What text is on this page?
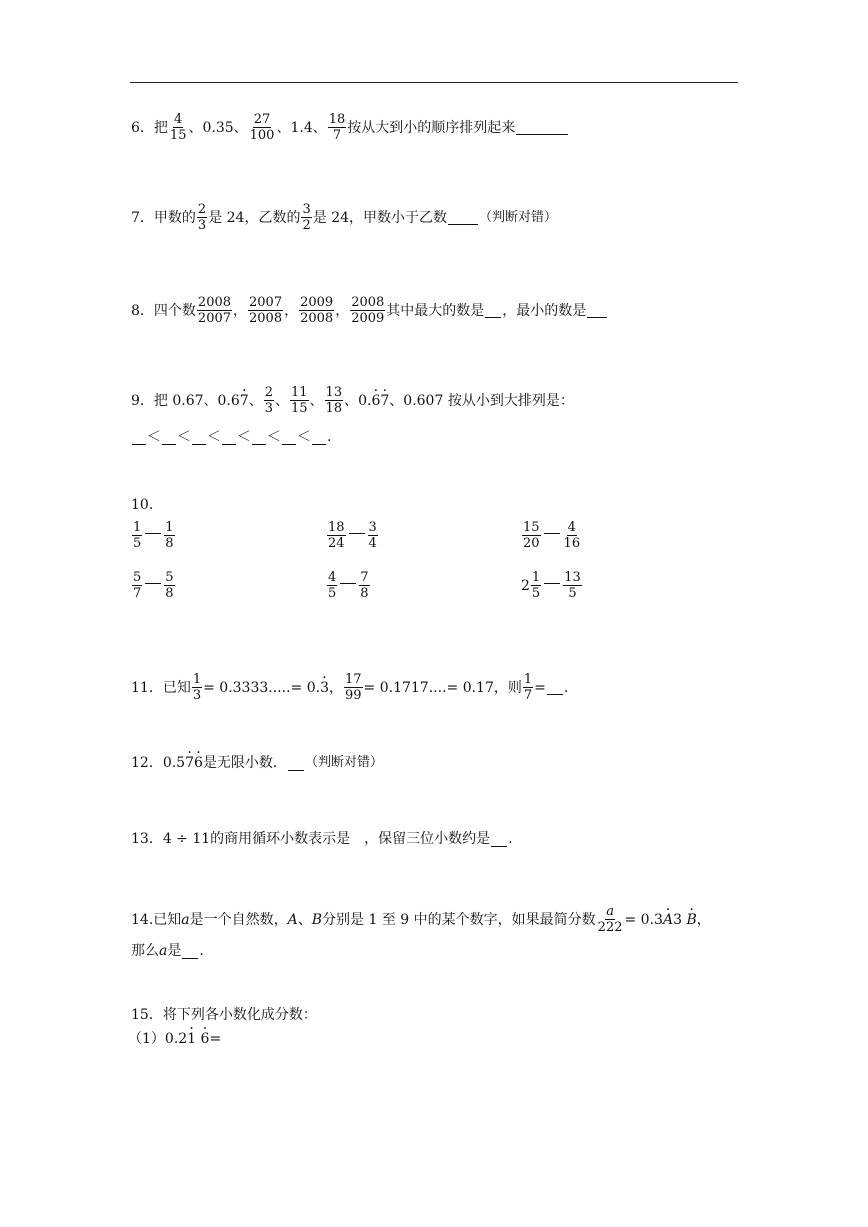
6．把 $\frac{4}{15}$ 、0.35、 $\frac{27}{100}$ 、1.4、 $\frac{18}{7}$ 按从大到小的顺序排列起来
7．甲数的 $\frac{2}{3}$ 是 24，乙数的 $\frac{3}{2}$ 是 24，甲数小于乙数 （判断对错）
8．四个数 $\frac{2008}{2007}$ ， $\frac{2007}{2008}$ ， $\frac{2009}{2008}$ ， $\frac{2008}{2009}$ 其中最大的数是 ，最小的数是
9．把 0.67、0.6 7 · 、 $\frac{2}{3}$ 、 $\frac{11}{15}$ 、 $\frac{13}{18}$ 、0. 6 · 7 · 、0.607 按从小到大排列是：
＜ ＜ ＜ ＜ ＜ ＜ .
10．
$\frac{1}{5} \frac{1}{8}$	$\frac{18}{24} \frac{3}{4}$	$\frac{15}{20} \frac{4}{16}$
$\frac{5}{7} \frac{5}{8}$	$\frac{4}{5} \frac{7}{8}$	$2 \frac{1}{5} \frac{13}{5}$
11．已知 $\frac{1}{3} = 0.3333.....= 0$. 3 · ， $\frac{17}{99} = 0.1717....= 0.17$ ，则 $\frac{1}{7}$ = .
12．0.5 7 · 6 · 是无限小数． （判断对错）
13．4 ÷ 11的商用循环小数表示是　，保留三位小数约是 .
14.已知 a 是一个自然数， A 、 B 分别是 1 至 9 中的某个数字，如果最简分数 $\frac{a}{222} = 0.3$ A · 3
B · ，
那么 a 是 .
15．将下列各小数化成分数：
（1）0.2 1 ·
6 · =
